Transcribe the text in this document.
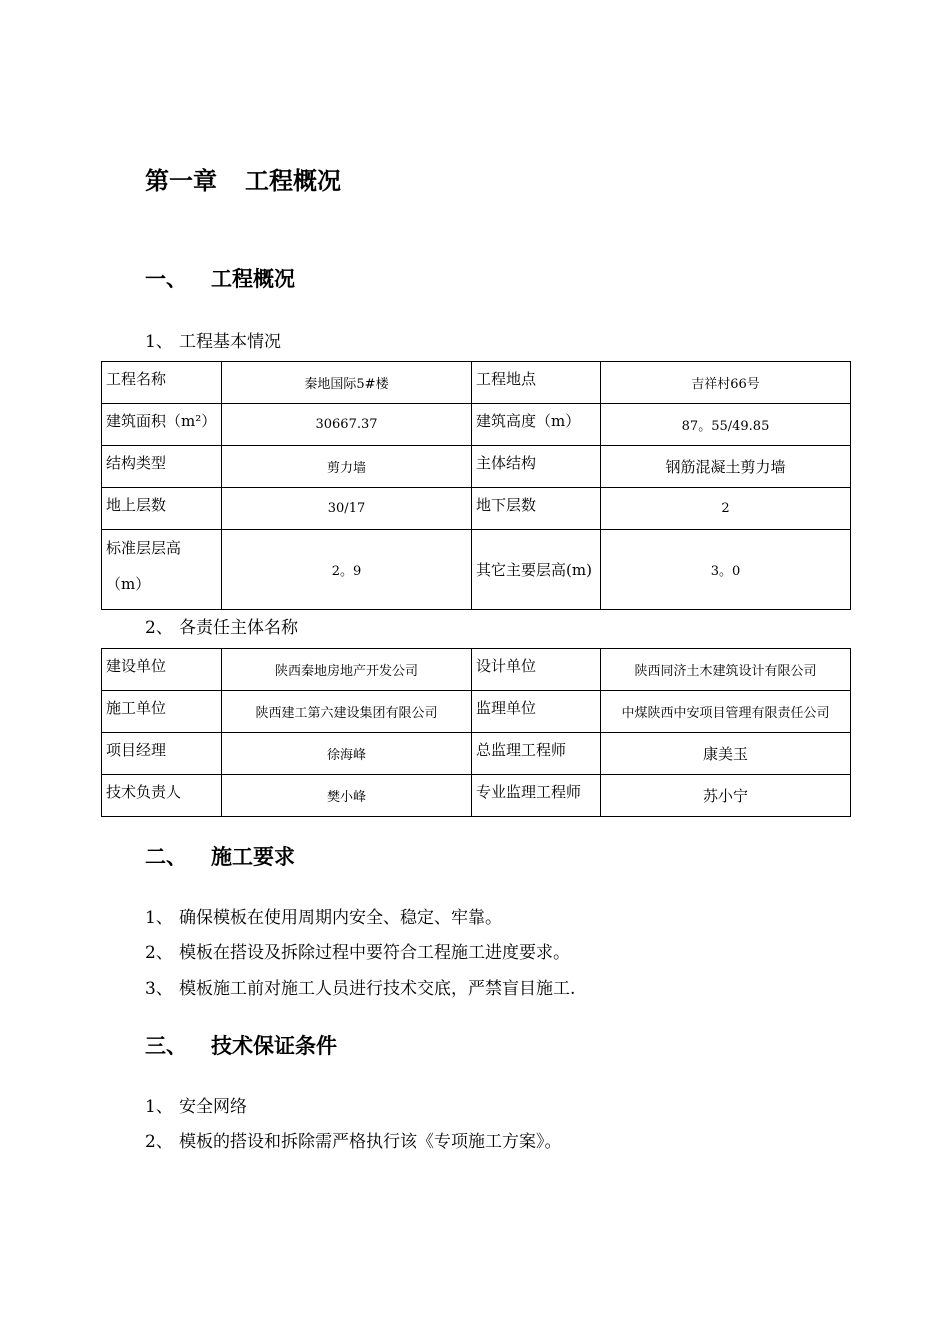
第一章 工程概况
一、 工程概况
1、 工程基本情况
工程名称	秦地国际5#楼	工程地点	吉祥村66号
建筑面积（m²）	30667.37	建筑高度（m）	87。55/49.85
结构类型	剪力墙	主体结构	钢筋混凝土剪力墙
地上层数	30/17	地下层数	2

标准层层高
（m）	2。9	其它主要层高(m)	3。0
2、 各责任主体名称
建设单位	陕西秦地房地产开发公司	设计单位	陕西同济土木建筑设计有限公司
施工单位	陕西建工第六建设集团有限公司	监理单位	中煤陕西中安项目管理有限责任公司
项目经理	徐海峰	总监理工程师	康美玉
技术负责人	樊小峰	专业监理工程师	苏小宁
二、 施工要求
1、 确保模板在使用周期内安全、稳定、牢靠。
2、 模板在搭设及拆除过程中要符合工程施工进度要求。
3、 模板施工前对施工人员进行技术交底，严禁盲目施工.
三、 技术保证条件
1、 安全网络
2、 模板的搭设和拆除需严格执行该《专项施工方案》。
